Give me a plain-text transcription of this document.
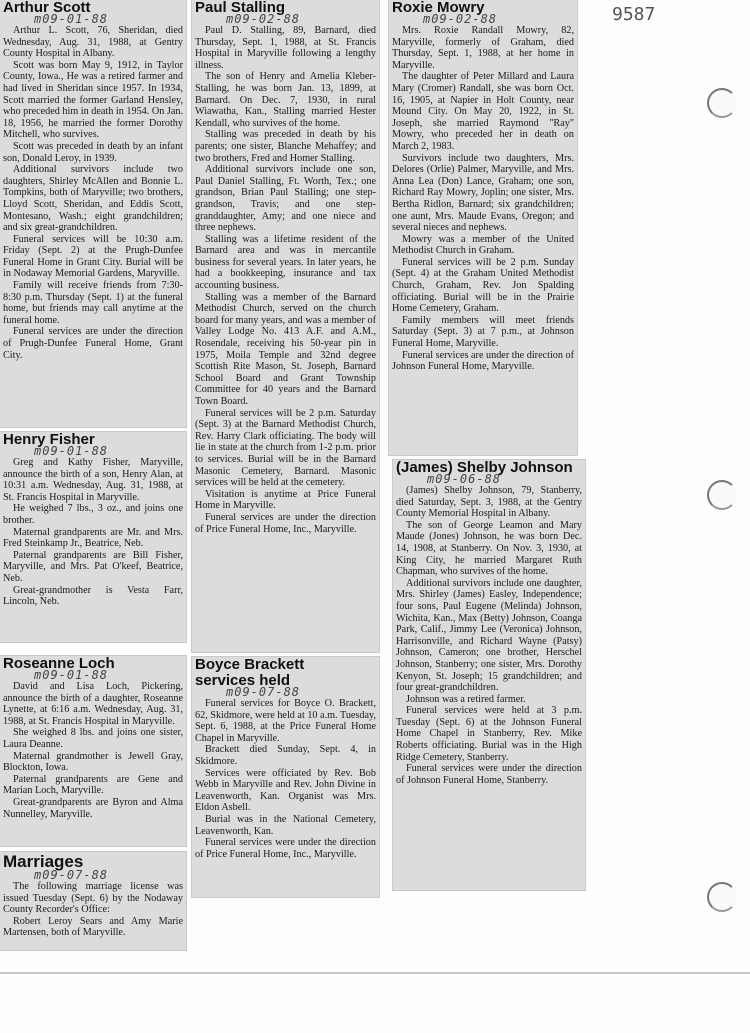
9587
Arthur Scott
m09-01-88

Arthur L. Scott, 76, Sheridan, died Wednesday, Aug. 31, 1988, at Gentry County Hospital in Albany.

Scott was born May 9, 1912, in Taylor County, Iowa., He was a retired farmer and had lived in Sheridan since 1957. In 1934, Scott married the former Garland Hensley, who preceded him in death in 1954. On Jan. 18, 1956, he married the former Dorothy Mitchell, who survives.

Scott was preceded in death by an infant son, Donald Leroy, in 1939.

Additional survivors include two daughters, Shirley McAllen and Bonnie L. Tompkins, both of Maryville; two brothers, Lloyd Scott, Sheridan, and Eddis Scott, Montesano, Wash.; eight grandchildren; and six great-grandchildren.

Funeral services will be 10:30 a.m. Friday (Sept. 2) at the Prugh-Dunfee Funeral Home in Grant City. Burial will be in Nodaway Memorial Gardens, Maryville.

Family will receive friends from 7:30-8:30 p.m. Thursday (Sept. 1) at the funeral home, but friends may call anytime at the funeral home.

Funeral services are under the direction of Prugh-Dunfee Funeral Home, Grant City.

Henry Fisher
m09-01-88

Greg and Kathy Fisher, Maryville, announce the birth of a son, Henry Alan, at 10:31 a.m. Wednesday, Aug. 31, 1988, at St. Francis Hospital in Maryville.

He weighed 7 lbs., 3 oz., and joins one brother.

Maternal grandparents are Mr. and Mrs. Fred Steinkamp Jr., Beatrice, Neb.

Paternal grandparents are Bill Fisher, Maryville, and Mrs. Pat O'keef, Beatrice, Neb.

Great-grandmother is Vesta Farr, Lincoln, Neb.

Roseanne Loch
m09-01-88

David and Lisa Loch, Pickering, announce the birth of a daughter, Roseanne Lynette, at 6:16 a.m. Wednesday, Aug. 31, 1988, at St. Francis Hospital in Maryville.

She weighed 8 lbs. and joins one sister, Laura Deanne.

Maternal grandmother is Jewell Gray, Blockton, Iowa.

Paternal grandparents are Gene and Marian Loch, Maryville.

Great-grandparents are Byron and Alma Nunnelley, Maryville.

Marriages
m09-07-88

The following marriage license was issued Tuesday (Sept. 6) by the Nodaway County Recorder's Office:

Robert Leroy Sears and Amy Marie Martensen, both of Maryville.

Paul Stalling
m09-02-88

Paul D. Stalling, 89, Barnard, died Thursday, Sept. 1, 1988, at St. Francis Hospital in Maryville following a lengthy illness.

The son of Henry and Amelia Kleber-Stalling, he was born Jan. 13, 1899, at Barnard. On Dec. 7, 1930, in rural Wiawatha, Kan., Stalling married Hester Kendall, who survives of the home.

Stalling was preceded in death by his parents; one sister, Blanche Mehaffey; and two brothers, Fred and Homer Stalling.

Additional survivors include one son, Paul Daniel Stalling, Ft. Worth, Tex.; one grandson, Brian Paul Stalling; one step-grandson, Travis; and one step-granddaughter, Amy; and one niece and three nephews.

Stalling was a lifetime resident of the Barnard area and was in mercantile business for several years. In later years, he had a bookkeeping, insurance and tax accounting business.

Stalling was a member of the Barnard Methodist Church, served on the church board for many years, and was a member of Valley Lodge No. 413 A.F. and A.M., Rosendale, receiving his 50-year pin in 1975, Moila Temple and 32nd degree Scottish Rite Mason, St. Joseph, Barnard School Board and Grant Township Committee for 40 years and the Barnard Town Board.

Funeral services will be 2 p.m. Saturday (Sept. 3) at the Barnard Methodist Church, Rev. Harry Clark officiating. The body will lie in state at the church from 1-2 p.m. prior to services. Burial will be in the Barnard Masonic Cemetery, Barnard. Masonic services will be held at the cemetery.

Visitation is anytime at Price Funeral Home in Maryville.

Funeral services are under the direction of Price Funeral Home, Inc., Maryville.

Boyce Brackett
services held
m09-07-88

Funeral services for Boyce O. Brackett, 62, Skidmore, were held at 10 a.m. Tuesday, Sept. 6, 1988, at the Price Funeral Home Chapel in Maryville.

Brackett died Sunday, Sept. 4, in Skidmore.

Services were officiated by Rev. Bob Webb in Maryville and Rev. John Divine in Leavenworth, Kan. Organist was Mrs. Eldon Asbell.

Burial was in the National Cemetery, Leavenworth, Kan.

Funeral services were under the direction of Price Funeral Home, Inc., Maryville.

Roxie Mowry
m09-02-88

Mrs. Roxie Randall Mowry, 82, Maryville, formerly of Graham, died Thursday, Sept. 1, 1988, at her home in Maryville.

The daughter of Peter Millard and Laura Mary (Cromer) Randall, she was born Oct. 16, 1905, at Napier in Holt County, near Mound City. On May 20, 1922, in St. Joseph, she married Raymond "Ray" Mowry, who preceded her in death on March 2, 1983.

Survivors include two daughters, Mrs. Delores (Orlie) Palmer, Maryville, and Mrs. Anna Lea (Don) Lance, Graham; one son, Richard Ray Mowry, Joplin; one sister, Mrs. Bertha Ridlon, Barnard; six grandchildren; one aunt, Mrs. Maude Evans, Oregon; and several nieces and nephews.

Mowry was a member of the United Methodist Church in Graham.

Funeral services will be 2 p.m. Sunday (Sept. 4) at the Graham United Methodist Church, Graham, Rev. Jon Spalding officiating. Burial will be in the Prairie Home Cemetery, Graham.

Family members will meet friends Saturday (Sept. 3) at 7 p.m., at Johnson Funeral Home, Maryville.

Funeral services are under the direction of Johnson Funeral Home, Maryville.

(James) Shelby Johnson
m09-06-88

(James) Shelby Johnson, 79, Stanberry, died Saturday, Sept. 3, 1988, at the Gentry County Memorial Hospital in Albany.

The son of George Leamon and Mary Maude (Jones) Johnson, he was born Dec. 14, 1908, at Stanberry. On Nov. 3, 1930, at King City, he married Margaret Ruth Chapman, who survives of the home.

Additional survivors include one daughter, Mrs. Shirley (James) Easley, Independence; four sons, Paul Eugene (Melinda) Johnson, Wichita, Kan., Max (Betty) Johnson, Coanga Park, Calif., Jimmy Lee (Veronica) Johnson, Harrisonville, and Richard Wayne (Patsy) Johnson, Cameron; one brother, Herschel Johnson, Stanberry; one sister, Mrs. Dorothy Kenyon, St. Joseph; 15 grandchildren; and four great-grandchildren.

Johnson was a retired farmer.

Funeral services were held at 3 p.m. Tuesday (Sept. 6) at the Johnson Funeral Home Chapel in Stanberry, Rev. Mike Roberts officiating. Burial was in the High Ridge Cemetery, Stanberry.

Funeral services were under the direction of Johnson Funeral Home, Stanberry.
